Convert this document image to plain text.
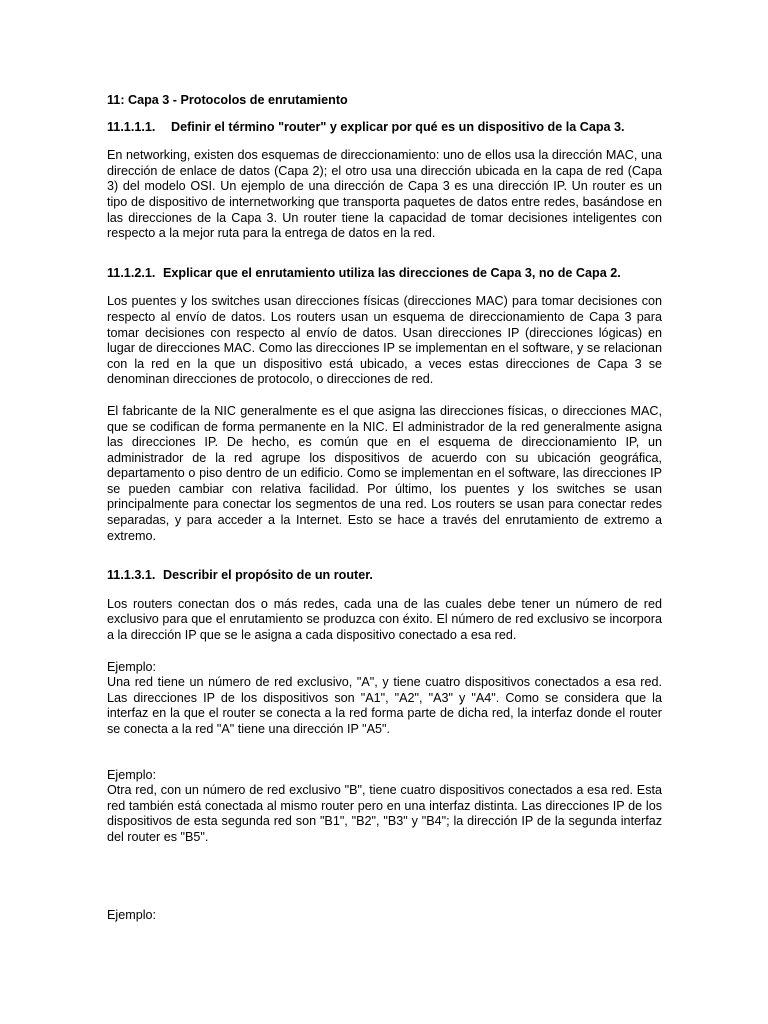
11: Capa 3 - Protocolos de enrutamiento
11.1.1.1. Definir el término "router" y explicar por qué es un dispositivo de la Capa 3.

En networking, existen dos esquemas de direccionamiento: uno de ellos usa la dirección MAC, una dirección de enlace de datos (Capa 2); el otro usa una dirección ubicada en la capa de red (Capa 3) del modelo OSI. Un ejemplo de una dirección de Capa 3 es una dirección IP. Un router es un tipo de dispositivo de internetworking que transporta paquetes de datos entre redes, basándose en las direcciones de la Capa 3. Un router tiene la capacidad de tomar decisiones inteligentes con respecto a la mejor ruta para la entrega de datos en la red.

11.1.2.1. Explicar que el enrutamiento utiliza las direcciones de Capa 3, no de Capa 2.

Los puentes y los switches usan direcciones físicas (direcciones MAC) para tomar decisiones con respecto al envío de datos. Los routers usan un esquema de direccionamiento de Capa 3 para tomar decisiones con respecto al envío de datos. Usan direcciones IP (direcciones lógicas) en lugar de direcciones MAC. Como las direcciones IP se implementan en el software, y se relacionan con la red en la que un dispositivo está ubicado, a veces estas direcciones de Capa 3 se denominan direcciones de protocolo, o direcciones de red.

El fabricante de la NIC generalmente es el que asigna las direcciones físicas, o direcciones MAC, que se codifican de forma permanente en la NIC. El administrador de la red generalmente asigna las direcciones IP. De hecho, es común que en el esquema de direccionamiento IP, un administrador de la red agrupe los dispositivos de acuerdo con su ubicación geográfica, departamento o piso dentro de un edificio. Como se implementan en el software, las direcciones IP se pueden cambiar con relativa facilidad. Por último, los puentes y los switches se usan principalmente para conectar los segmentos de una red. Los routers se usan para conectar redes separadas, y para acceder a la Internet. Esto se hace a través del enrutamiento de extremo a extremo.

11.1.3.1. Describir el propósito de un router.

Los routers conectan dos o más redes, cada una de las cuales debe tener un número de red exclusivo para que el enrutamiento se produzca con éxito. El número de red exclusivo se incorpora a la dirección IP que se le asigna a cada dispositivo conectado a esa red.

Ejemplo:

Una red tiene un número de red exclusivo, "A", y tiene cuatro dispositivos conectados a esa red. Las direcciones IP de los dispositivos son "A1", "A2", "A3" y "A4". Como se considera que la interfaz en la que el router se conecta a la red forma parte de dicha red, la interfaz donde el router se conecta a la red "A" tiene una dirección IP "A5".

Ejemplo:

Otra red, con un número de red exclusivo "B", tiene cuatro dispositivos conectados a esa red. Esta red también está conectada al mismo router pero en una interfaz distinta. Las direcciones IP de los dispositivos de esta segunda red son "B1", "B2", "B3" y "B4"; la dirección IP de la segunda interfaz del router es "B5".

Ejemplo:
